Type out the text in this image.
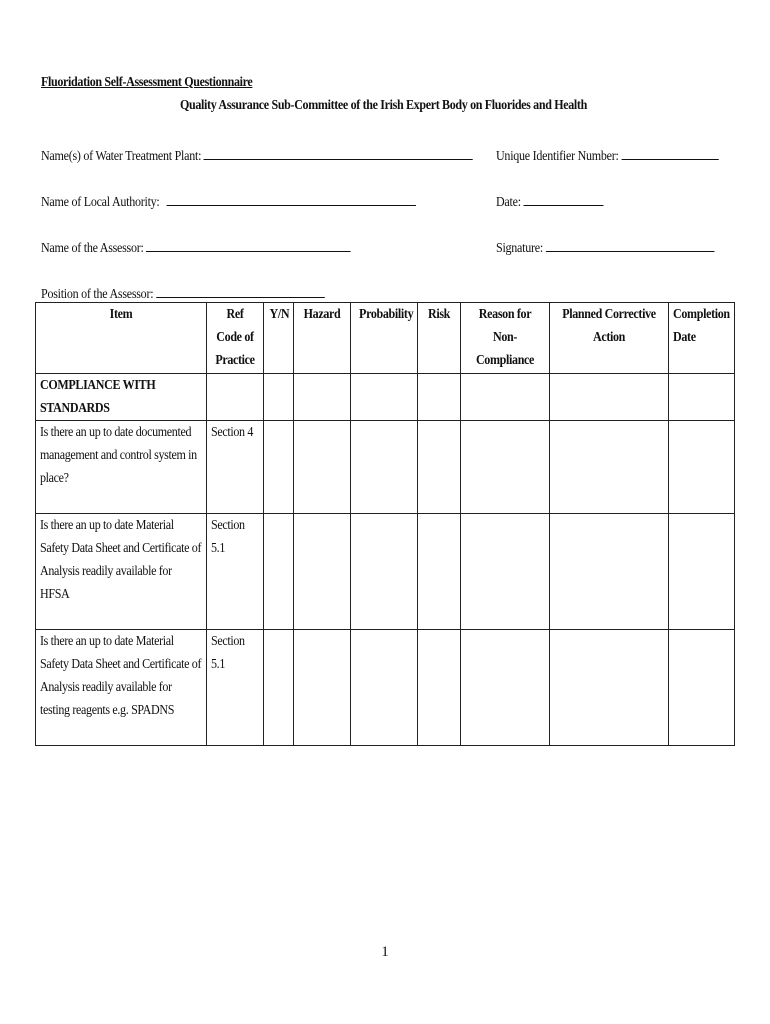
Fluoridation Self-Assessment Questionnaire
Quality Assurance Sub-Committee of the Irish Expert Body on Fluorides and Health
Name(s) of Water Treatment Plant:	Unique Identifier Number:
Name of Local Authority:	Date:
Name of the Assessor:	Signature:
Position of the Assessor:
Item	Ref Code of Practice	Y/N	Hazard	Probability	Risk	Reason for Non-Compliance	Planned Corrective Action	Completion Date

COMPLIANCE WITH STANDARDS								

Is there an up to date documented management and control system in place?	Section 4							

Is there an up to date Material Safety Data Sheet and Certificate of Analysis readily available for HFSA	Section 5.1							

Is there an up to date Material Safety Data Sheet and Certificate of Analysis readily available for testing reagents e.g. SPADNS	Section 5.1							

1
